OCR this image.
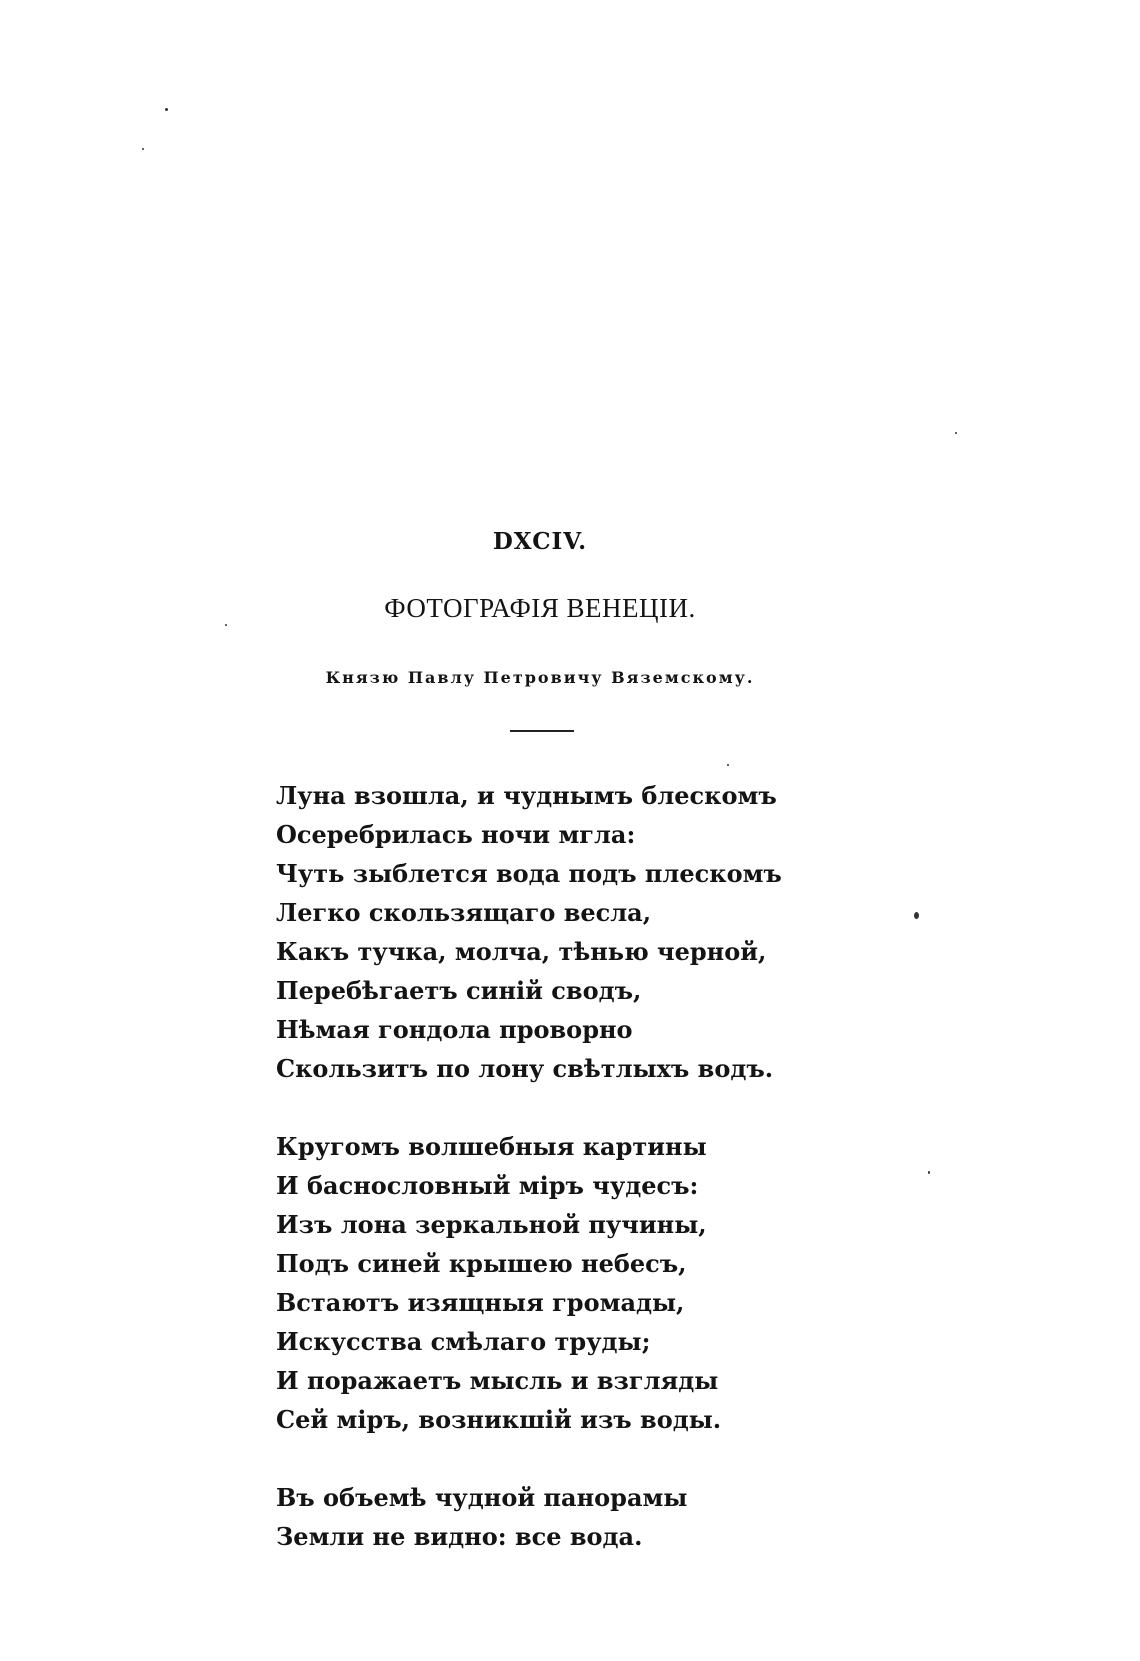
DXCIV.
ФОТОГРАФІЯ ВЕНЕЦІИ.
Князю Павлу Петровичу Вяземскому.
Луна взошла, и чуднымъ блескомъ
Осеребрилась ночи мгла:
Чуть зыблется вода подъ плескомъ
Легко скользящаго весла,
Какъ тучка, молча, тѣнью черной,
Перебѣгаетъ синій сводъ,
Нѣмая гондола проворно
Скользитъ по лону свѣтлыхъ водъ.
Кругомъ волшебныя картины
И баснословный міръ чудесъ:
Изъ лона зеркальной пучины,
Подъ синей крышею небесъ,
Встаютъ изящныя громады,
Искусства смѣлаго труды;
И поражаетъ мысль и взгляды
Сей міръ, возникшій изъ воды.
Въ объемѣ чудной панорамы
Земли не видно: все вода.
